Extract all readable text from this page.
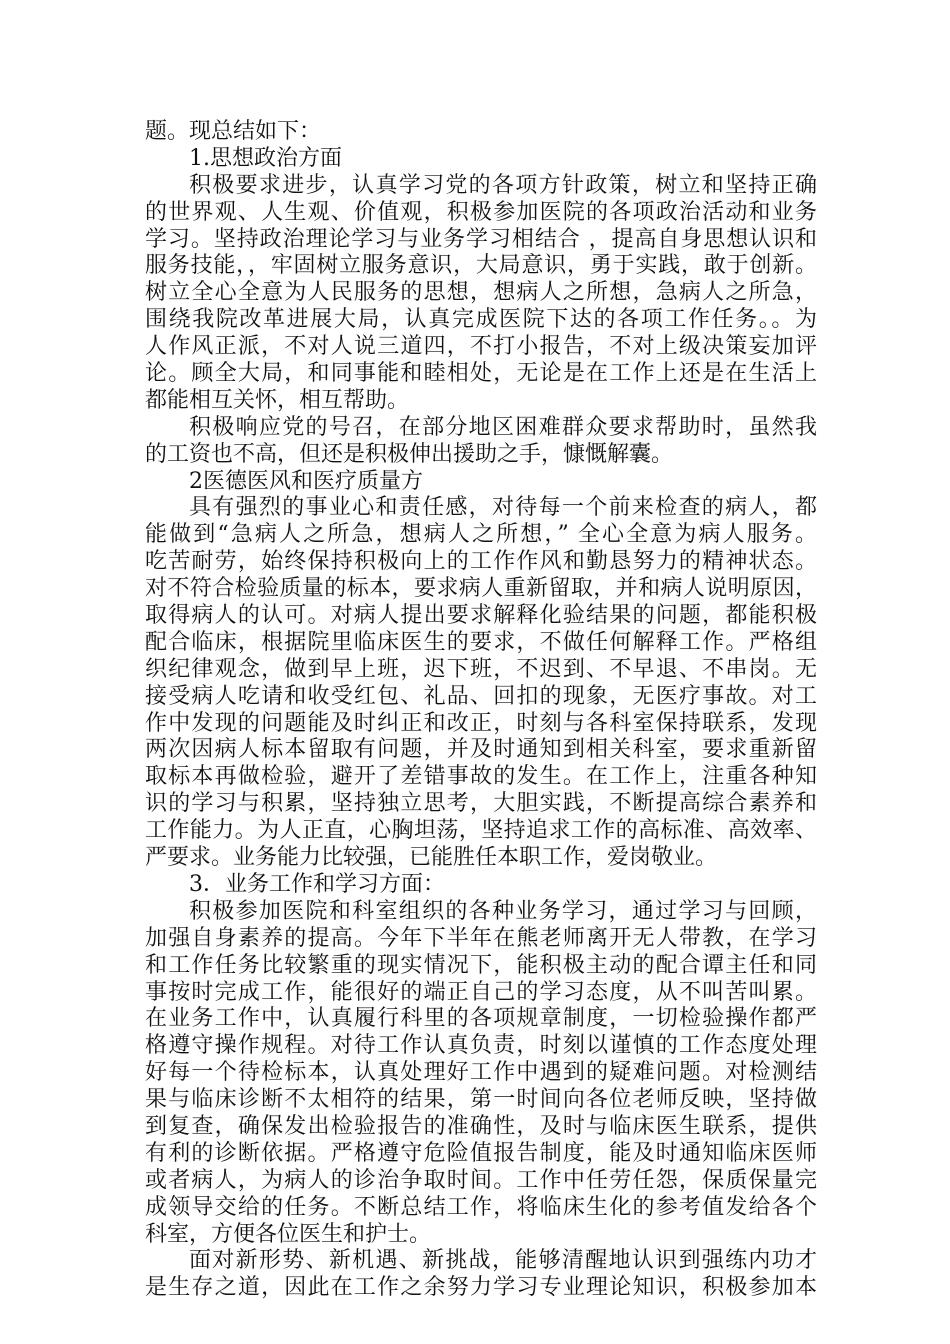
题。现总结如下：
1.思想政治方面
积极要求进步，认真学习党的各项方针政策，树立和坚持正确
的世界观、人生观、价值观，积极参加医院的各项政治活动和业务
学习。坚持政治理论学习与业务学习相结合 ，提高自身思想认识和
服务技能，，牢固树立服务意识，大局意识，勇于实践，敢于创新。
树立全心全意为人民服务的思想，想病人之所想，急病人之所急，
围绕我院改革进展大局，认真完成医院下达的各项工作任务。。为
人作风正派，不对人说三道四，不打小报告，不对上级决策妄加评
论。顾全大局，和同事能和睦相处，无论是在工作上还是在生活上
都能相互关怀，相互帮助。
积极响应党的号召，在部分地区困难群众要求帮助时，虽然我
的工资也不高，但还是积极伸出援助之手，慷慨解囊。
2医德医风和医疗质量方
具有强烈的事业心和责任感，对待每一个前来检查的病人，都
能做到“急病人之所急，想病人之所想，” 全心全意为病人服务。
吃苦耐劳，始终保持积极向上的工作作风和勤恳努力的精神状态。
对不符合检验质量的标本，要求病人重新留取，并和病人说明原因，
取得病人的认可。对病人提出要求解释化验结果的问题，都能积极
配合临床，根据院里临床医生的要求，不做任何解释工作。严格组
织纪律观念，做到早上班，迟下班，不迟到、不早退、不串岗。无
接受病人吃请和收受红包、礼品、回扣的现象，无医疗事故。对工
作中发现的问题能及时纠正和改正，时刻与各科室保持联系，发现
两次因病人标本留取有问题，并及时通知到相关科室，要求重新留
取标本再做检验，避开了差错事故的发生。在工作上，注重各种知
识的学习与积累，坚持独立思考，大胆实践，不断提高综合素养和
工作能力。为人正直，心胸坦荡，坚持追求工作的高标准、高效率、
严要求。业务能力比较强，已能胜任本职工作，爱岗敬业。
3．业务工作和学习方面：
积极参加医院和科室组织的各种业务学习，通过学习与回顾，
加强自身素养的提高。今年下半年在熊老师离开无人带教，在学习
和工作任务比较繁重的现实情况下，能积极主动的配合谭主任和同
事按时完成工作，能很好的端正自己的学习态度，从不叫苦叫累。
在业务工作中，认真履行科里的各项规章制度，一切检验操作都严
格遵守操作规程。对待工作认真负责，时刻以谨慎的工作态度处理
好每一个待检标本，认真处理好工作中遇到的疑难问题。对检测结
果与临床诊断不太相符的结果，第一时间向各位老师反映，坚持做
到复查，确保发出检验报告的准确性，及时与临床医生联系，提供
有利的诊断依据。严格遵守危险值报告制度，能及时通知临床医师
或者病人，为病人的诊治争取时间。工作中任劳任怨，保质保量完
成领导交给的任务。不断总结工作，将临床生化的参考值发给各个
科室，方便各位医生和护士。
面对新形势、新机遇、新挑战，能够清醒地认识到强练内功才
是生存之道，因此在工作之余努力学习专业理论知识，积极参加本
